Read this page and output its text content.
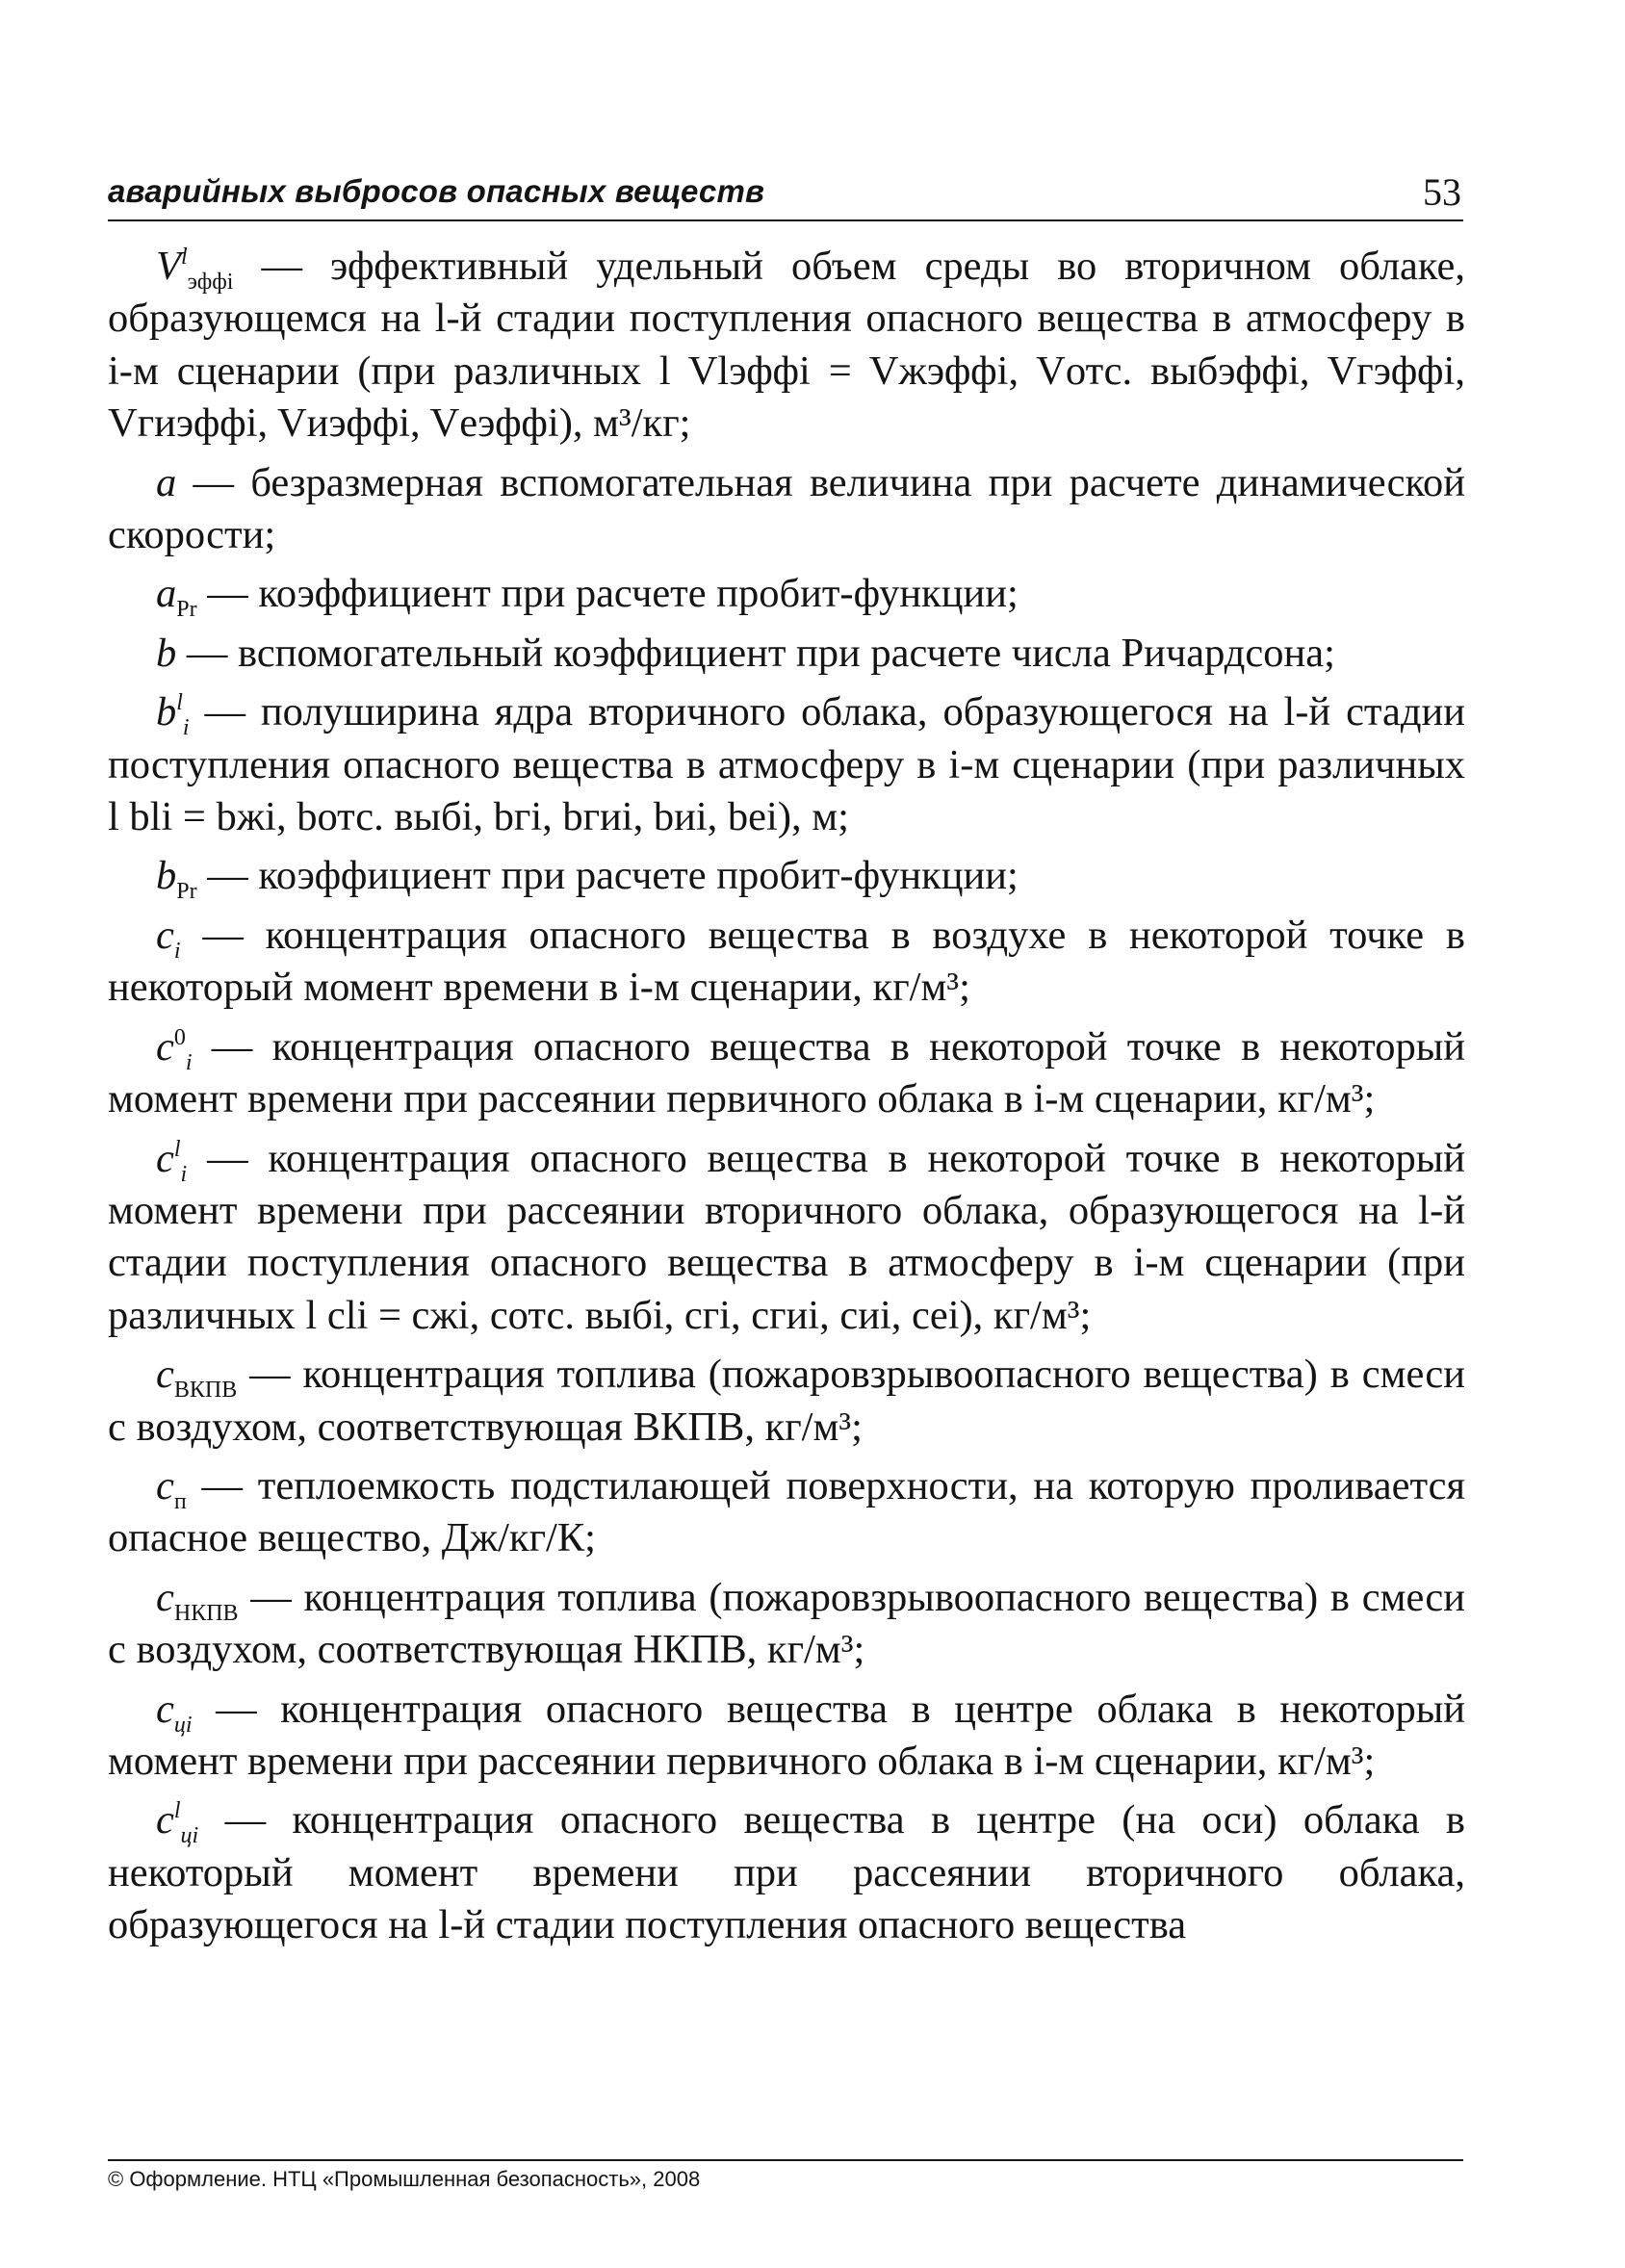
аварийных выбросов опасных веществ	53

$V^l_{эффi}$ — эффективный удельный объем среды во вторичном облаке, образующемся на l-й стадии поступления опасного вещества в атмосферу в i-м сценарии (при различных l Vlэффi = Vжэффi, Vотс. выбэффi, Vгэффi, Vгиэффi, Vиэффi, Vеэффi), м³/кг;

a — безразмерная вспомогательная величина при расчете динамической скорости;

$a_{Pr}$ — коэффициент при расчете пробит-функции;

b — вспомогательный коэффициент при расчете числа Ричардсона;

$b^l_i$ — полуширина ядра вторичного облака, образующегося на l-й стадии поступления опасного вещества в атмосферу в i-м сценарии (при различных l bli = bжi, bотс. выбi, bгi, bгиi, bиi, bеi), м;

$b_{Pr}$ — коэффициент при расчете пробит-функции;

$c_i$ — концентрация опасного вещества в воздухе в некоторой точке в некоторый момент времени в i-м сценарии, кг/м³;

$c^0_i$ — концентрация опасного вещества в некоторой точке в некоторый момент времени при рассеянии первичного облака в i-м сценарии, кг/м³;

$c^l_i$ — концентрация опасного вещества в некоторой точке в некоторый момент времени при рассеянии вторичного облака, образующегося на l-й стадии поступления опасного вещества в атмосферу в i-м сценарии (при различных l cli = cжi, cотс. выбi, cгi, cгиi, cиi, cеi), кг/м³;

$c_{ВКПВ}$ — концентрация топлива (пожаровзрывоопасного вещества) в смеси с воздухом, соответствующая ВКПВ, кг/м³;

$c_п$ — теплоемкость подстилающей поверхности, на которую проливается опасное вещество, Дж/кг/К;

$c_{НКПВ}$ — концентрация топлива (пожаровзрывоопасного вещества) в смеси с воздухом, соответствующая НКПВ, кг/м³;

$c_{цi}$ — концентрация опасного вещества в центре облака в некоторый момент времени при рассеянии первичного облака в i-м сценарии, кг/м³;

$c^l_{цi}$ — концентрация опасного вещества в центре (на оси) облака в некоторый момент времени при рассеянии вторичного облака, образующегося на l-й стадии поступления опасного вещества

© Оформление. НТЦ «Промышленная безопасность», 2008
